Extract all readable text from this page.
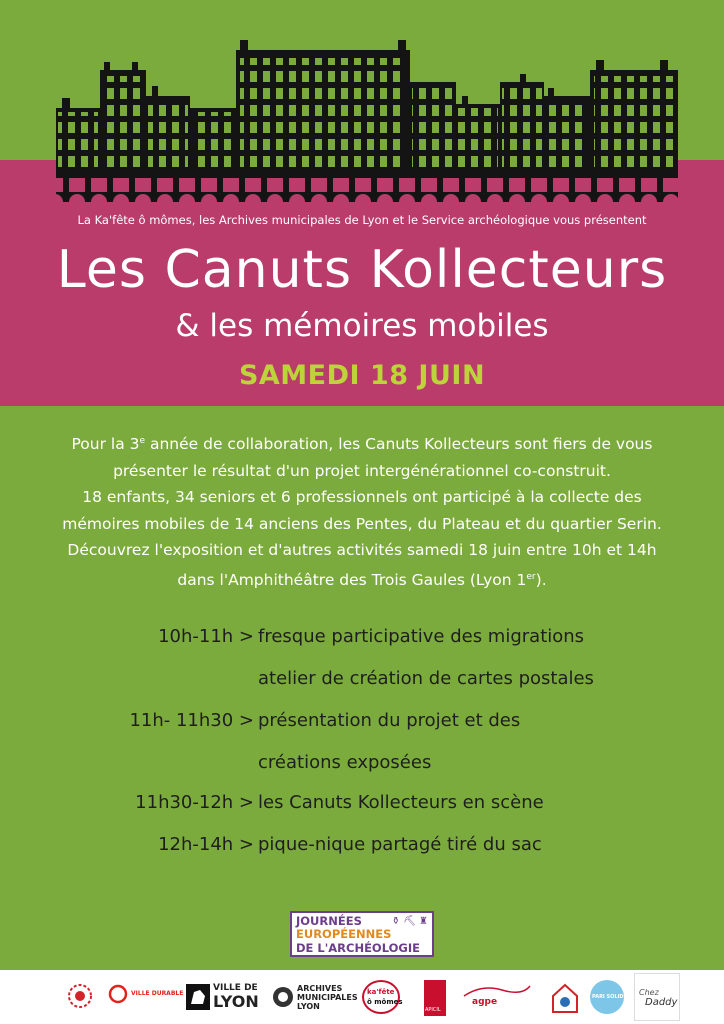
La Ka'fête ô mômes, les Archives municipales de Lyon et le Service archéologique vous présentent
Les Canuts Kollecteurs
& les mémoires mobiles
SAMEDI 18 JUIN

Pour la 3e année de collaboration, les Canuts Kollecteurs sont fiers de vous

présenter le résultat d'un projet intergénérationnel co-construit.

18 enfants, 34 seniors et 6 professionnels ont participé à la collecte des

mémoires mobiles de 14 anciens des Pentes, du Plateau et du quartier Serin.

Découvrez l'exposition et d'autres activités samedi 18 juin entre 10h et 14h

dans l'Amphithéâtre des Trois Gaules (Lyon 1er).

10h-11h > fresque participative des migrations
atelier de création de cartes postales
11h- 11h30 > présentation du projet et des
créations exposées
11h30-12h > les Canuts Kollecteurs en scène
12h-14h > pique-nique partagé tiré du sac
JOURNÉES
EUROPÉENNES
DE L'ARCHÉOLOGIE
⚱ ⛏ ♜
VILLE DURABLE
VILLE DE
LYON
ARCHIVES
MUNICIPALES
LYON
ka'fête
ô mômes
APICIL
agpe	PARI SOLIDAIRE Chez
Daddy
